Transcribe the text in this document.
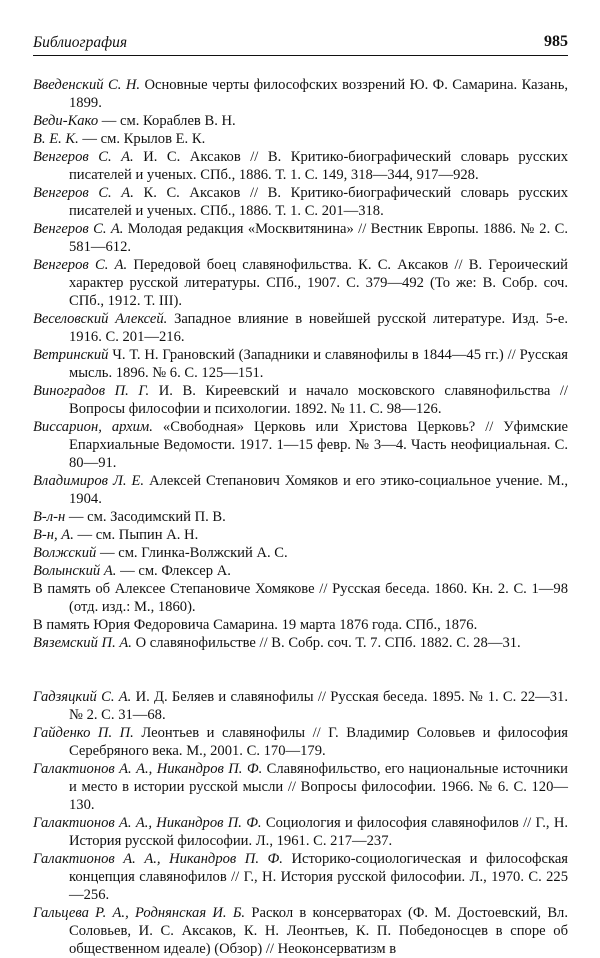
Библиография	985

Введенский С. Н. Основные черты философских воззрений Ю. Ф. Самарина. Казань, 1899.

Веди-Како — см. Кораблев В. Н.

В. Е. К. — см. Крылов Е. К.

Венгеров С. А. И. С. Аксаков // В. Критико-биографический словарь русских писателей и ученых. СПб., 1886. Т. 1. С. 149, 318—344, 917—928.

Венгеров С. А. К. С. Аксаков // В. Критико-биографический словарь русских писателей и ученых. СПб., 1886. Т. 1. С. 201—318.

Венгеров С. А. Молодая редакция «Москвитянина» // Вестник Европы. 1886. № 2. С. 581—612.

Венгеров С. А. Передовой боец славянофильства. К. С. Аксаков // В. Героический характер русской литературы. СПб., 1907. С. 379—492 (То же: В. Собр. соч. СПб., 1912. Т. III).

Веселовский Алексей. Западное влияние в новейшей русской литературе. Изд. 5-е. 1916. С. 201—216.

Ветринский Ч. Т. Н. Грановский (Западники и славянофилы в 1844—45 гг.) // Русская мысль. 1896. № 6. С. 125—151.

Виноградов П. Г. И. В. Киреевский и начало московского славянофильства // Вопросы философии и психологии. 1892. № 11. С. 98—126.

Виссарион, архим. «Свободная» Церковь или Христова Церковь? // Уфимские Епархиальные Ведомости. 1917. 1—15 февр. № 3—4. Часть неофициальная. С. 80—91.

Владимиров Л. Е. Алексей Степанович Хомяков и его этико-социальное учение. М., 1904.

В-л-н — см. Засодимский П. В.

В-н, А. — см. Пыпин А. Н.

Волжский — см. Глинка-Волжский А. С.

Волынский А. — см. Флексер А.

В память об Алексее Степановиче Хомякове // Русская беседа. 1860. Кн. 2. С. 1—98 (отд. изд.: М., 1860).

В память Юрия Федоровича Самарина. 19 марта 1876 года. СПб., 1876.

Вяземский П. А. О славянофильстве // В. Собр. соч. Т. 7. СПб. 1882. С. 28—31.

Гадзяцкий С. А. И. Д. Беляев и славянофилы // Русская беседа. 1895. № 1. С. 22—31. № 2. С. 31—68.

Гайденко П. П. Леонтьев и славянофилы // Г. Владимир Соловьев и философия Серебряного века. М., 2001. С. 170—179.

Галактионов А. А., Никандров П. Ф. Славянофильство, его национальные источники и место в истории русской мысли // Вопросы философии. 1966. № 6. С. 120—130.

Галактионов А. А., Никандров П. Ф. Социология и философия славянофилов // Г., Н. История русской философии. Л., 1961. С. 217—237.

Галактионов А. А., Никандров П. Ф. Историко-социологическая и философская концепция славянофилов // Г., Н. История русской философии. Л., 1970. С. 225—256.

Гальцева Р. А., Роднянская И. Б. Раскол в консерваторах (Ф. М. Достоевский, Вл. Соловьев, И. С. Аксаков, К. Н. Леонтьев, К. П. Победоносцев в споре об общественном идеале) (Обзор) // Неоконсерватизм в
